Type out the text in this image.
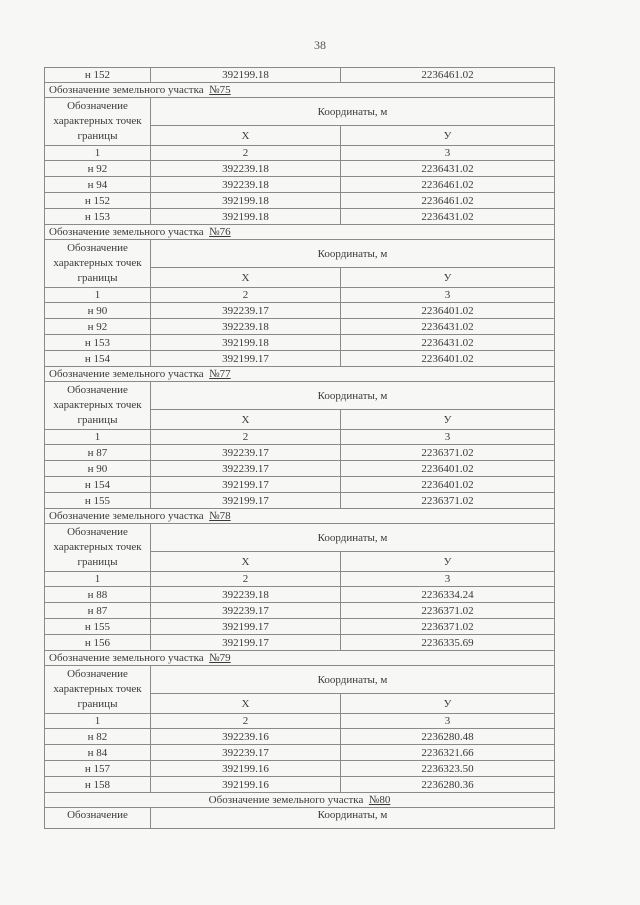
38
н 152	392199.18	2236461.02
Обозначение земельного участка №75		
Обозначение характерных точек границы	Координаты, м	
	X	У
1	2	3
н 92	392239.18	2236431.02
н 94	392239.18	2236461.02
н 152	392199.18	2236461.02
н 153	392199.18	2236431.02
Обозначение земельного участка №76		
Обозначение характерных точек границы	Координаты, м	
	X	У
1	2	3
н 90	392239.17	2236401.02
н 92	392239.18	2236431.02
н 153	392199.18	2236431.02
н 154	392199.17	2236401.02
Обозначение земельного участка №77		
Обозначение характерных точек границы	Координаты, м	
	X	У
1	2	3
н 87	392239.17	2236371.02
н 90	392239.17	2236401.02
н 154	392199.17	2236401.02
н 155	392199.17	2236371.02
Обозначение земельного участка №78		
Обозначение характерных точек границы	Координаты, м	
	X	У
1	2	3
н 88	392239.18	2236334.24
н 87	392239.17	2236371.02
н 155	392199.17	2236371.02
н 156	392199.17	2236335.69
Обозначение земельного участка №79		
Обозначение характерных точек границы	Координаты, м	
	X	У
1	2	3
н 82	392239.16	2236280.48
н 84	392239.17	2236321.66
н 157	392199.16	2236323.50
н 158	392199.16	2236280.36
Обозначение земельного участка №80		
Обозначение	Координаты, м	
